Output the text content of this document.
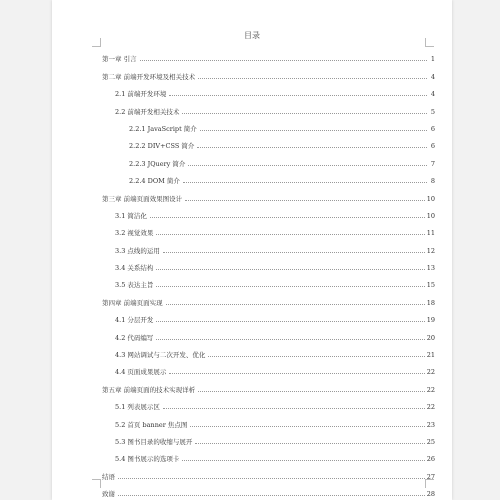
目录
第一章 引言	1
第二章 前端开发环境及相关技术	4
2.1 前端开发环境	4
2.2 前端开发相关技术	5
2.2.1 JavaScript 简介	6
2.2.2 DIV+CSS 简介	6
2.2.3 JQuery 简介	7
2.2.4 DOM 简介	8
第三章 前端页面效果图设计	10
3.1 简洁化	10
3.2 视觉效果	11
3.3 点线的运用	12
3.4 关系结构	13
3.5 表达主旨	15
第四章 前端页面实现	18
4.1 分层开发	19
4.2 代码编写	20
4.3 网站调试与二次开发、优化	21
4.4 页面成果展示	22
第五章 前端页面的技术实现详析	22
5.1 列表展示区	22
5.2 首页 banner 焦点图	23
5.3 图书目录的收缩与展开	25
5.4 图书展示的选项卡	26
结语	27
致谢	28
